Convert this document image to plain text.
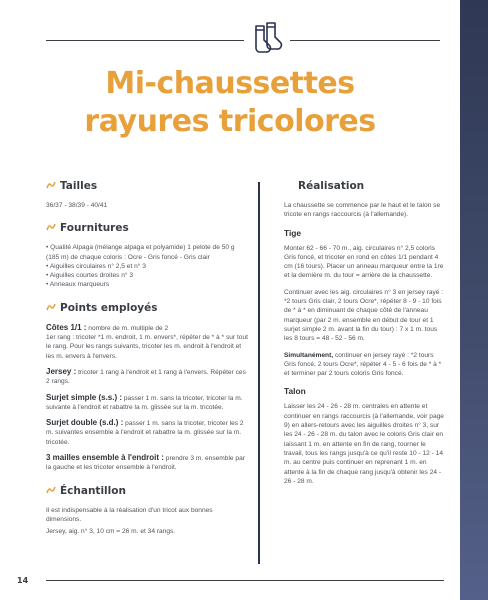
Mi-chaussettes
rayures tricolores
Tailles
36/37 - 38/39 - 40/41
Fournitures
• Qualité Alpaga (mélange alpaga et polyamide) 1 pelote de 50 g (185 m) de chaque coloris : Ocre - Gris foncé - Gris clair
• Aiguilles circulaires n° 2,5 et n° 3
• Aiguilles courtes droites n° 3
• Anneaux marqueurs
Points employés
Côtes 1/1 : nombre de m. multiple de 2
1er rang : tricoter *1 m. endroit, 1 m. envers*, répéter de * à * sur tout le rang. Pour les rangs suivants, tricoter les m. endroit à l'endroit et les m. envers à l'envers.
Jersey : tricoter 1 rang à l'endroit et 1 rang à l'envers. Répéter ces 2 rangs.
Surjet simple (s.s.) : passer 1 m. sans la tricoter, tricoter la m. suivante à l'endroit et rabattre la m. glissée sur la m. tricotée.
Surjet double (s.d.) : passer 1 m. sans la tricoter, tricoter les 2 m. suivantes ensemble à l'endroit et rabattre la m. glissée sur la m. tricotée.
3 mailles ensemble à l'endroit : prendre 3 m. ensemble par la gauche et les tricoter ensemble à l'endroit.
Échantillon
Il est indispensable à la réalisation d'un tricot aux bonnes dimensions.
Jersey, aig. n° 3, 10 cm = 26 m. et 34 rangs.
Réalisation
La chaussette se commence par le haut et le talon se tricote en rangs raccourcis (à l'allemande).
Tige
Monter 62 - 66 - 70 m., aig. circulaires n° 2,5 coloris Gris foncé, et tricoter en rond en côtes 1/1 pendant 4 cm (16 tours). Placer un anneau marqueur entre la 1re et la dernière m. du tour = arrière de la chaussette.
Continuer avec les aig. circulaires n° 3 en jersey rayé : *2 tours Gris clair, 2 tours Ocre*, répéter 8 - 9 - 10 fois de * à * en diminuant de chaque côté de l'anneau marqueur (par 2 m. ensemble en début de tour et 1 surjet simple 2 m. avant la fin du tour) : 7 x 1 m. tous les 8 tours = 48 - 52 - 56 m.
Simultanément, continuer en jersey rayé : *2 tours Gris foncé, 2 tours Ocre*, répéter 4 - 5 - 6 fois de * à * et terminer par 2 tours coloris Gris foncé.
Talon
Laisser les 24 - 26 - 28 m. centrales en attente et continuer en rangs raccourcis (à l'allemande, voir page 9) en allers-retours avec les aiguilles droites n° 3, sur les 24 - 26 - 28 m. du talon avec le coloris Gris clair en laissant 1 m. en attente en fin de rang, tourner le travail, tous les rangs jusqu'à ce qu'il reste 10 - 12 - 14 m. au centre puis continuer en reprenant 1 m. en attente à la fin de chaque rang jusqu'à obtenir les 24 - 26 - 28 m.
14
